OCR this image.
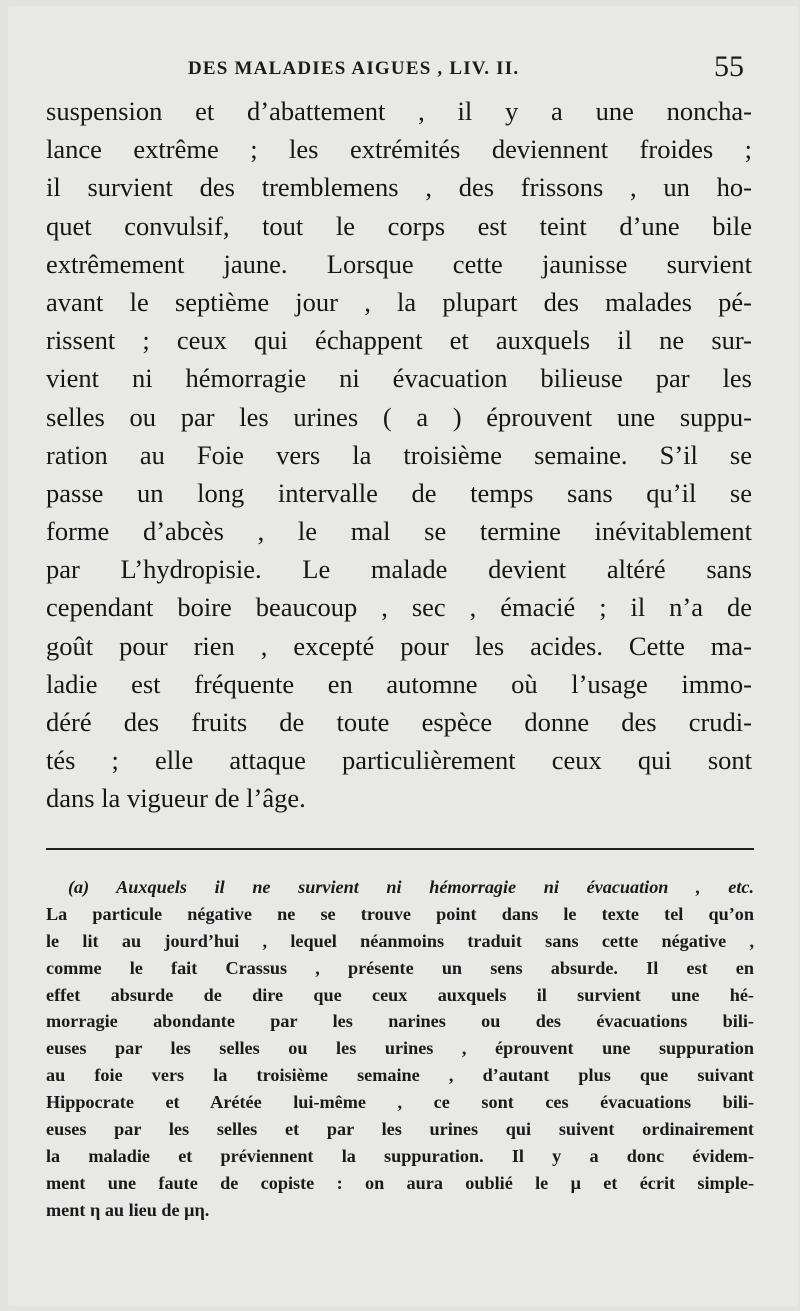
DES MALADIES AIGUES , LIV. II.	55
suspension et d’abattement , il y a une noncha-
lance extrême ; les extrémités deviennent froides ;
il survient des tremblemens , des frissons , un ho-
quet convulsif, tout le corps est teint d’une bile
extrêmement jaune. Lorsque cette jaunisse survient
avant le septième jour , la plupart des malades pé-
rissent ; ceux qui échappent et auxquels il ne sur-
vient ni hémorragie ni évacuation bilieuse par les
selles ou par les urines ( a ) éprouvent une suppu-
ration au Foie vers la troisième semaine. S’il se
passe un long intervalle de temps sans qu’il se
forme d’abcès , le mal se termine inévitablement
par L’hydropisie. Le malade devient altéré sans
cependant boire beaucoup , sec , émacié ; il n’a de
goût pour rien , excepté pour les acides. Cette ma-
ladie est fréquente en automne où l’usage immo-
déré des fruits de toute espèce donne des crudi-
tés ; elle attaque particulièrement ceux qui sont
dans la vigueur de l’âge.
(a) Auxquels il ne survient ni hémorragie ni évacuation , etc.
La particule négative ne se trouve point dans le texte tel qu’on
le lit au jourd’hui , lequel néanmoins traduit sans cette négative ,
comme le fait Crassus , présente un sens absurde. Il est en
effet absurde de dire que ceux auxquels il survient une hé-
morragie abondante par les narines ou des évacuations bili-
euses par les selles ou les urines , éprouvent une suppuration
au foie vers la troisième semaine , d’autant plus que suivant
Hippocrate et Arétée lui-même , ce sont ces évacuations bili-
euses par les selles et par les urines qui suivent ordinairement
la maladie et préviennent la suppuration. Il y a donc évidem-
ment une faute de copiste : on aura oublié le μ et écrit simple-
ment η au lieu de μη.
